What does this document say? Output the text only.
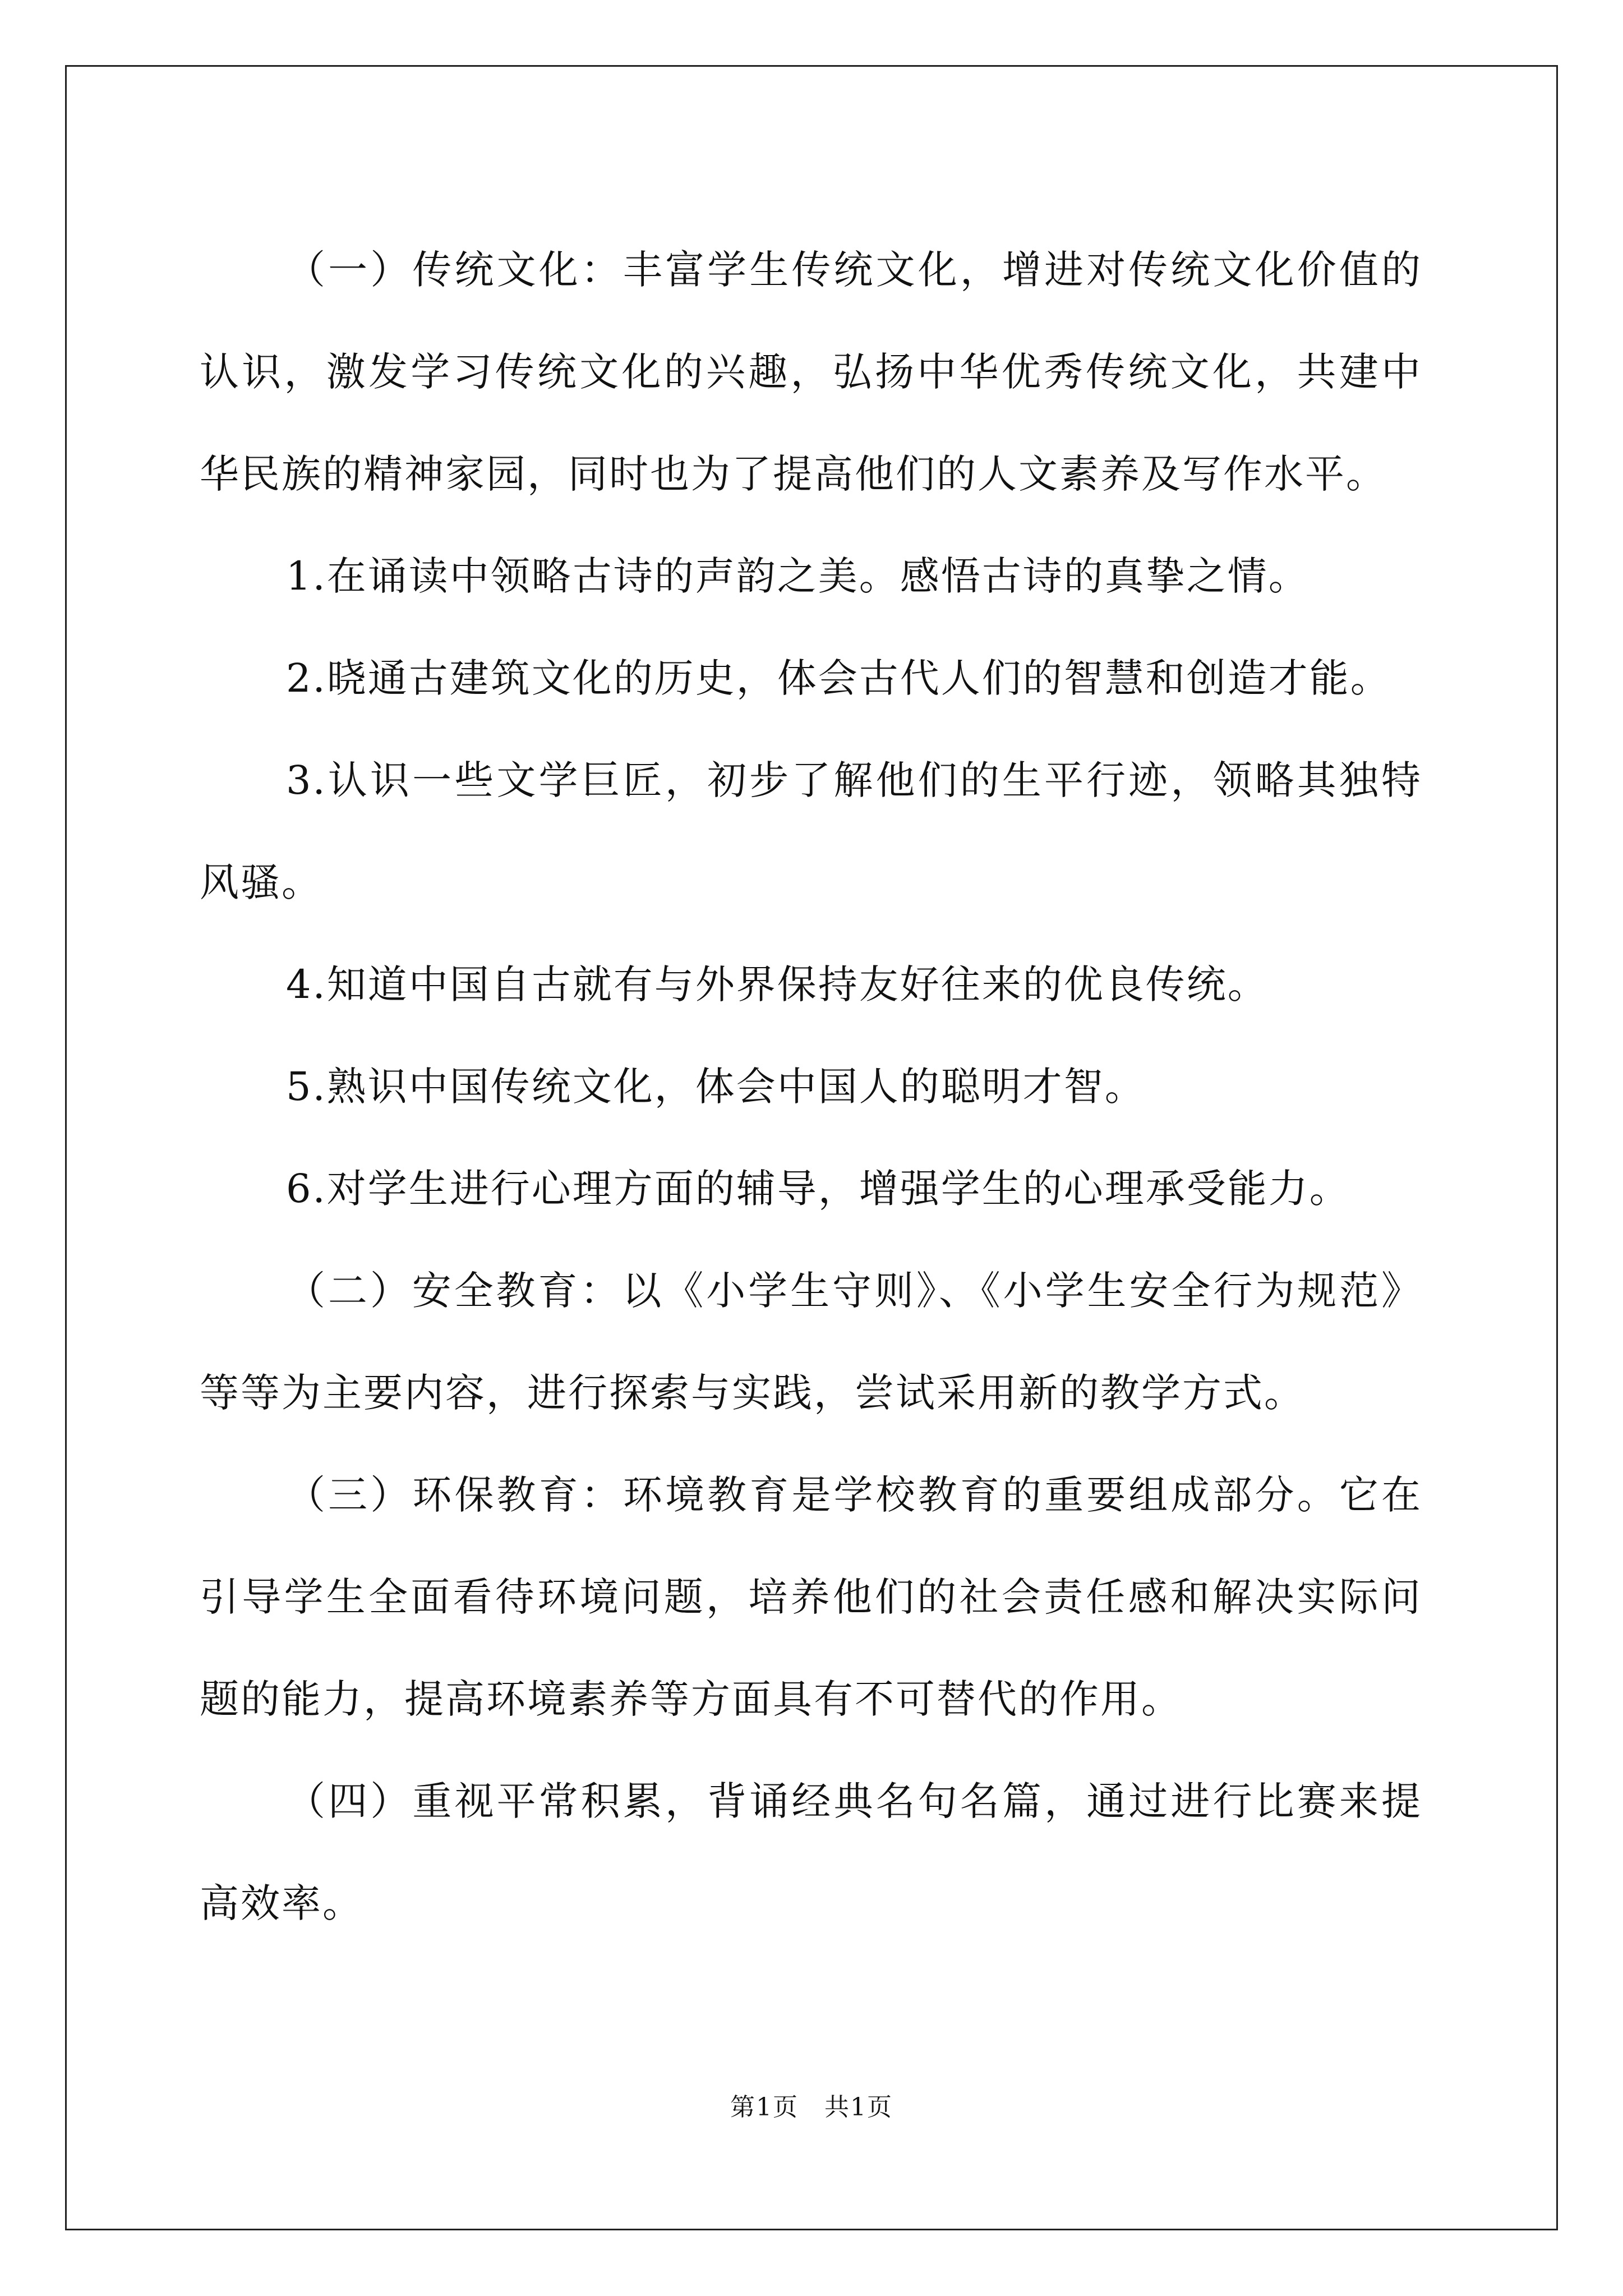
（一）传统文化：丰富学生传统文化，增进对传统文化价值的认识，激发学习传统文化的兴趣，弘扬中华优秀传统文化，共建中华民族的精神家园，同时也为了提高他们的人文素养及写作水平。

1.在诵读中领略古诗的声韵之美。感悟古诗的真挚之情。

2.晓通古建筑文化的历史，体会古代人们的智慧和创造才能。

3.认识一些文学巨匠，初步了解他们的生平行迹，领略其独特风骚。

4.知道中国自古就有与外界保持友好往来的优良传统。

5.熟识中国传统文化，体会中国人的聪明才智。

6.对学生进行心理方面的辅导，增强学生的心理承受能力。

（二）安全教育：以《小学生守则》、《小学生安全行为规范》等等为主要内容，进行探索与实践，尝试采用新的教学方式。

（三）环保教育：环境教育是学校教育的重要组成部分。它在引导学生全面看待环境问题，培养他们的社会责任感和解决实际问题的能力，提高环境素养等方面具有不可替代的作用。

（四）重视平常积累，背诵经典名句名篇，通过进行比赛来提高效率。

第1页　共1页
